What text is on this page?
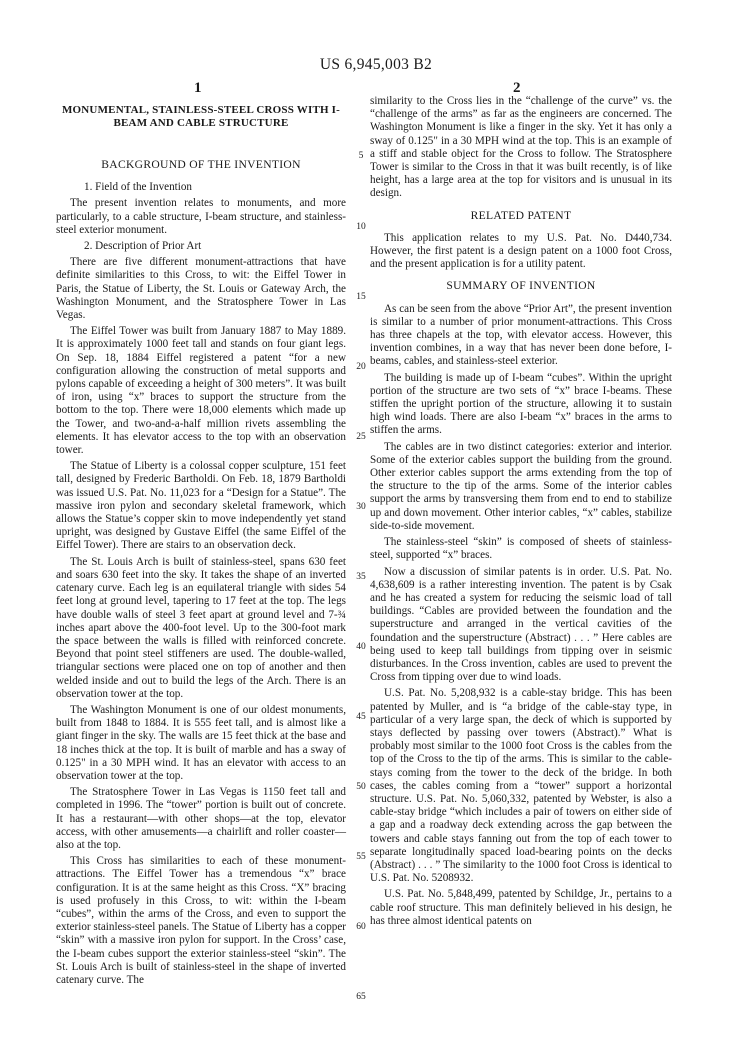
US 6,945,003 B2
1	2
MONUMENTAL, STAINLESS-STEEL CROSS WITH I-BEAM AND CABLE STRUCTURE
BACKGROUND OF THE INVENTION

1. Field of the Invention

The present invention relates to monuments, and more particularly, to a cable structure, I-beam structure, and stainless-steel exterior monument.

2. Description of Prior Art

There are five different monument-attractions that have definite similarities to this Cross, to wit: the Eiffel Tower in Paris, the Statue of Liberty, the St. Louis or Gateway Arch, the Washington Monument, and the Stratosphere Tower in Las Vegas.

The Eiffel Tower was built from January 1887 to May 1889. It is approximately 1000 feet tall and stands on four giant legs. On Sep. 18, 1884 Eiffel registered a patent “for a new configuration allowing the construction of metal supports and pylons capable of exceeding a height of 300 meters”. It was built of iron, using “x” braces to support the structure from the bottom to the top. There were 18,000 elements which made up the Tower, and two-and-a-half million rivets assembling the elements. It has elevator access to the top with an observation tower.

The Statue of Liberty is a colossal copper sculpture, 151 feet tall, designed by Frederic Bartholdi. On Feb. 18, 1879 Bartholdi was issued U.S. Pat. No. 11,023 for a “Design for a Statue”. The massive iron pylon and secondary skeletal framework, which allows the Statue’s copper skin to move independently yet stand upright, was designed by Gustave Eiffel (the same Eiffel of the Eiffel Tower). There are stairs to an observation deck.

The St. Louis Arch is built of stainless-steel, spans 630 feet and soars 630 feet into the sky. It takes the shape of an inverted catenary curve. Each leg is an equilateral triangle with sides 54 feet long at ground level, tapering to 17 feet at the top. The legs have double walls of steel 3 feet apart at ground level and 7-¾ inches apart above the 400-foot level. Up to the 300-foot mark the space between the walls is filled with reinforced concrete. Beyond that point steel stiffeners are used. The double-walled, triangular sections were placed one on top of another and then welded inside and out to build the legs of the Arch. There is an observation tower at the top.

The Washington Monument is one of our oldest monuments, built from 1848 to 1884. It is 555 feet tall, and is almost like a giant finger in the sky. The walls are 15 feet thick at the base and 18 inches thick at the top. It is built of marble and has a sway of 0.125" in a 30 MPH wind. It has an elevator with access to an observation tower at the top.

The Stratosphere Tower in Las Vegas is 1150 feet tall and completed in 1996. The “tower” portion is built out of concrete. It has a restaurant—with other shops—at the top, elevator access, with other amusements—a chairlift and roller coaster—also at the top.

This Cross has similarities to each of these monument-attractions. The Eiffel Tower has a tremendous “x” brace configuration. It is at the same height as this Cross. “X” bracing is used profusely in this Cross, to wit: within the I-beam “cubes”, within the arms of the Cross, and even to support the exterior stainless-steel panels. The Statue of Liberty has a copper “skin” with a massive iron pylon for support. In the Cross’ case, the I-beam cubes support the exterior stainless-steel “skin”. The St. Louis Arch is built of stainless-steel in the shape of inverted catenary curve. The

5
10
15
20
25
30
35
40
45
50
55
60
65

similarity to the Cross lies in the “challenge of the curve” vs. the “challenge of the arms” as far as the engineers are concerned. The Washington Monument is like a finger in the sky. Yet it has only a sway of 0.125" in a 30 MPH wind at the top. This is an example of a stiff and stable object for the Cross to follow. The Stratosphere Tower is similar to the Cross in that it was built recently, is of like height, has a large area at the top for visitors and is unusual in its design.

RELATED PATENT

This application relates to my U.S. Pat. No. D440,734. However, the first patent is a design patent on a 1000 foot Cross, and the present application is for a utility patent.

SUMMARY OF INVENTION

As can be seen from the above “Prior Art”, the present invention is similar to a number of prior monument-attractions. This Cross has three chapels at the top, with elevator access. However, this invention combines, in a way that has never been done before, I-beams, cables, and stainless-steel exterior.

The building is made up of I-beam “cubes”. Within the upright portion of the structure are two sets of “x” brace I-beams. These stiffen the upright portion of the structure, allowing it to sustain high wind loads. There are also I-beam “x” braces in the arms to stiffen the arms.

The cables are in two distinct categories: exterior and interior. Some of the exterior cables support the building from the ground. Other exterior cables support the arms extending from the top of the structure to the tip of the arms. Some of the interior cables support the arms by transversing them from end to end to stabilize up and down movement. Other interior cables, “x” cables, stabilize side-to-side movement.

The stainless-steel “skin” is composed of sheets of stainless-steel, supported “x” braces.

Now a discussion of similar patents is in order. U.S. Pat. No. 4,638,609 is a rather interesting invention. The patent is by Csak and he has created a system for reducing the seismic load of tall buildings. “Cables are provided between the foundation and the superstructure and arranged in the vertical cavities of the foundation and the superstructure (Abstract) . . . ” Here cables are being used to keep tall buildings from tipping over in seismic disturbances. In the Cross invention, cables are used to prevent the Cross from tipping over due to wind loads.

U.S. Pat. No. 5,208,932 is a cable-stay bridge. This has been patented by Muller, and is “a bridge of the cable-stay type, in particular of a very large span, the deck of which is supported by stays deflected by passing over towers (Abstract).” What is probably most similar to the 1000 foot Cross is the cables from the top of the Cross to the tip of the arms. This is similar to the cable-stays coming from the tower to the deck of the bridge. In both cases, the cables coming from a “tower” support a horizontal structure. U.S. Pat. No. 5,060,332, patented by Webster, is also a cable-stay bridge “which includes a pair of towers on either side of a gap and a roadway deck extending across the gap between the towers and cable stays fanning out from the top of each tower to separate longitudinally spaced load-bearing points on the decks (Abstract) . . . ” The similarity to the 1000 foot Cross is identical to U.S. Pat. No. 5208932.

U.S. Pat. No. 5,848,499, patented by Schildge, Jr., pertains to a cable roof structure. This man definitely believed in his design, he has three almost identical patents on
